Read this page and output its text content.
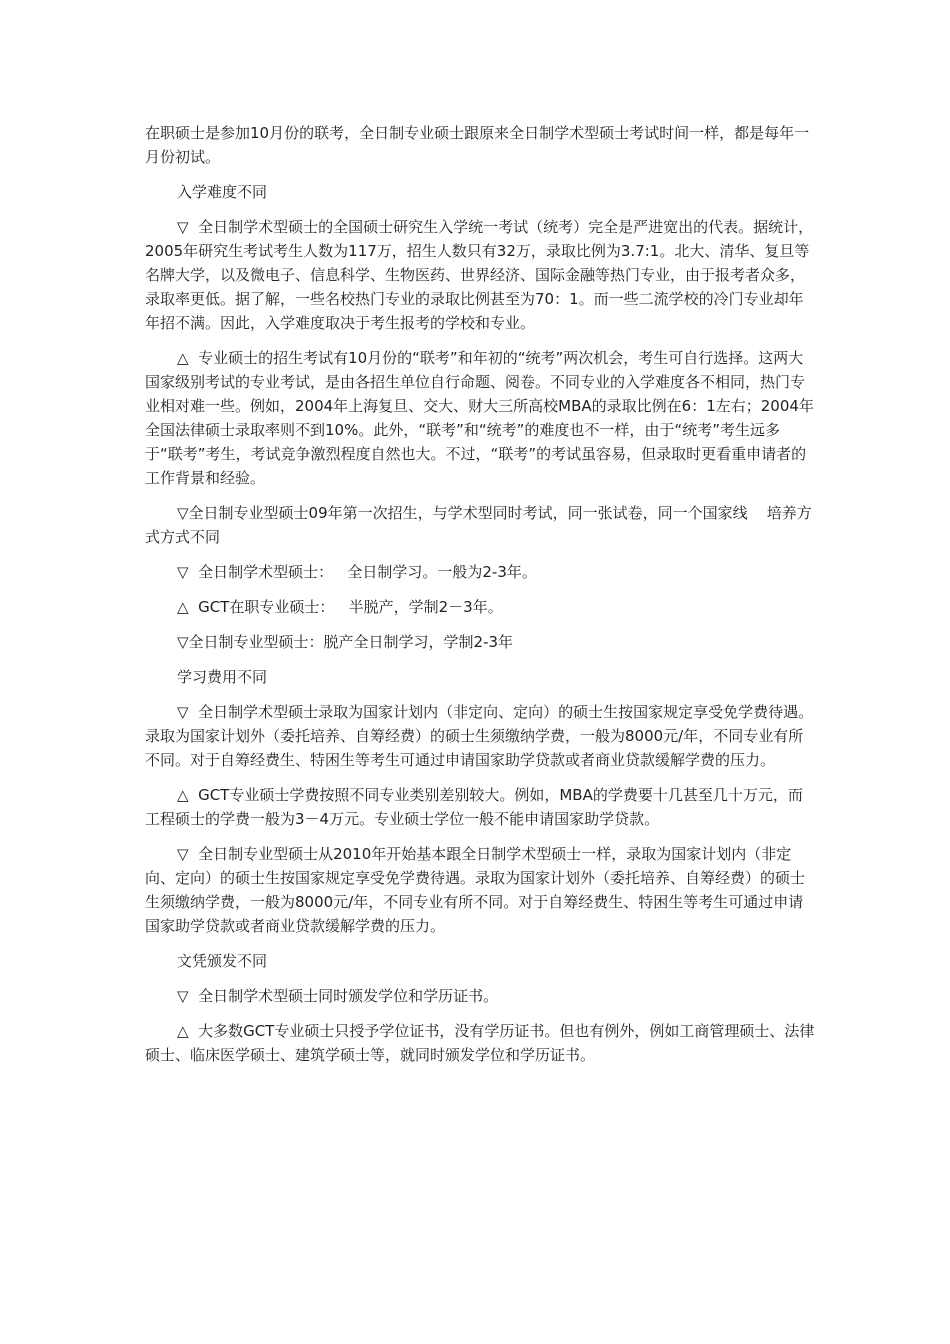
在职硕士是参加10月份的联考，全日制专业硕士跟原来全日制学术型硕士考试时间一样，都是每年一月份初试。

入学难度不同

▽  全日制学术型硕士的全国硕士研究生入学统一考试（统考）完全是严进宽出的代表。据统计，2005年研究生考试考生人数为117万，招生人数只有32万，录取比例为3.7:1。北大、清华、复旦等名牌大学，以及微电子、信息科学、生物医药、世界经济、国际金融等热门专业，由于报考者众多，录取率更低。据了解，一些名校热门专业的录取比例甚至为70：1。而一些二流学校的冷门专业却年年招不满。因此，入学难度取决于考生报考的学校和专业。

△  专业硕士的招生考试有10月份的“联考”和年初的“统考”两次机会，考生可自行选择。这两大国家级别考试的专业考试，是由各招生单位自行命题、阅卷。不同专业的入学难度各不相同，热门专业相对难一些。例如，2004年上海复旦、交大、财大三所高校MBA的录取比例在6：1左右；2004年全国法律硕士录取率则不到10%。此外，“联考”和“统考”的难度也不一样，由于“统考”考生远多于“联考”考生，考试竞争激烈程度自然也大。不过，“联考”的考试虽容易，但录取时更看重申请者的工作背景和经验。

▽全日制专业型硕士09年第一次招生，与学术型同时考试，同一张试卷，同一个国家线    培养方式方式不同

▽  全日制学术型硕士：   全日制学习。一般为2-3年。

△  GCT在职专业硕士：   半脱产，学制2－3年。

▽全日制专业型硕士：脱产全日制学习，学制2-3年

学习费用不同

▽  全日制学术型硕士录取为国家计划内（非定向、定向）的硕士生按国家规定享受免学费待遇。录取为国家计划外（委托培养、自筹经费）的硕士生须缴纳学费，一般为8000元/年，不同专业有所不同。对于自筹经费生、特困生等考生可通过申请国家助学贷款或者商业贷款缓解学费的压力。

△  GCT专业硕士学费按照不同专业类别差别较大。例如，MBA的学费要十几甚至几十万元，而工程硕士的学费一般为3－4万元。专业硕士学位一般不能申请国家助学贷款。

▽  全日制专业型硕士从2010年开始基本跟全日制学术型硕士一样，录取为国家计划内（非定向、定向）的硕士生按国家规定享受免学费待遇。录取为国家计划外（委托培养、自筹经费）的硕士生须缴纳学费，一般为8000元/年，不同专业有所不同。对于自筹经费生、特困生等考生可通过申请国家助学贷款或者商业贷款缓解学费的压力。

文凭颁发不同

▽  全日制学术型硕士同时颁发学位和学历证书。

△  大多数GCT专业硕士只授予学位证书，没有学历证书。但也有例外，例如工商管理硕士、法律硕士、临床医学硕士、建筑学硕士等，就同时颁发学位和学历证书。
